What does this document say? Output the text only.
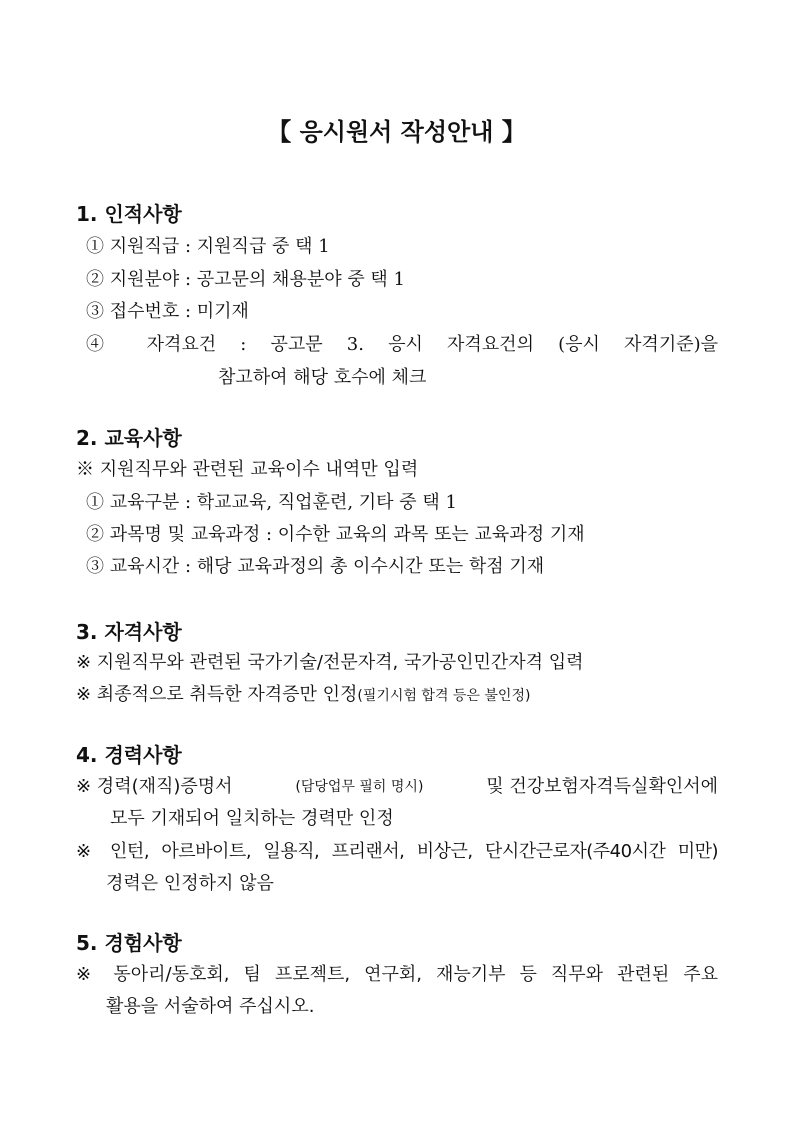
【 응시원서 작성안내 】
1. 인적사항
① 지원직급 : 지원직급 중 택 1
② 지원분야 : 공고문의 채용분야 중 택 1
③ 접수번호 : 미기재
④ 자격요건 : 공고문 3. 응시 자격요건의 (응시 자격기준)을
참고하여 해당 호수에 체크
2. 교육사항
※ 지원직무와 관련된 교육이수 내역만 입력
① 교육구분 : 학교교육, 직업훈련, 기타 중 택 1
② 과목명 및 교육과정 : 이수한 교육의 과목 또는 교육과정 기재
③ 교육시간 : 해당 교육과정의 총 이수시간 또는 학점 기재
3. 자격사항
※ 지원직무와 관련된 국가기술/전문자격, 국가공인민간자격 입력
※ 최종적으로 취득한 자격증만 인정(필기시험 합격 등은 불인정)
4. 경력사항
※ 경력(재직)증명서	(담당업무 필히 명시)	및 건강보험자격득실확인서에
모두 기재되어 일치하는 경력만 인정
※ 인턴, 아르바이트, 일용직, 프리랜서, 비상근, 단시간근로자(주40시간 미만)
경력은 인정하지 않음
5. 경험사항
※ 동아리/동호회, 팀 프로젝트, 연구회, 재능기부 등 직무와 관련된 주요
활용을 서술하여 주십시오.
